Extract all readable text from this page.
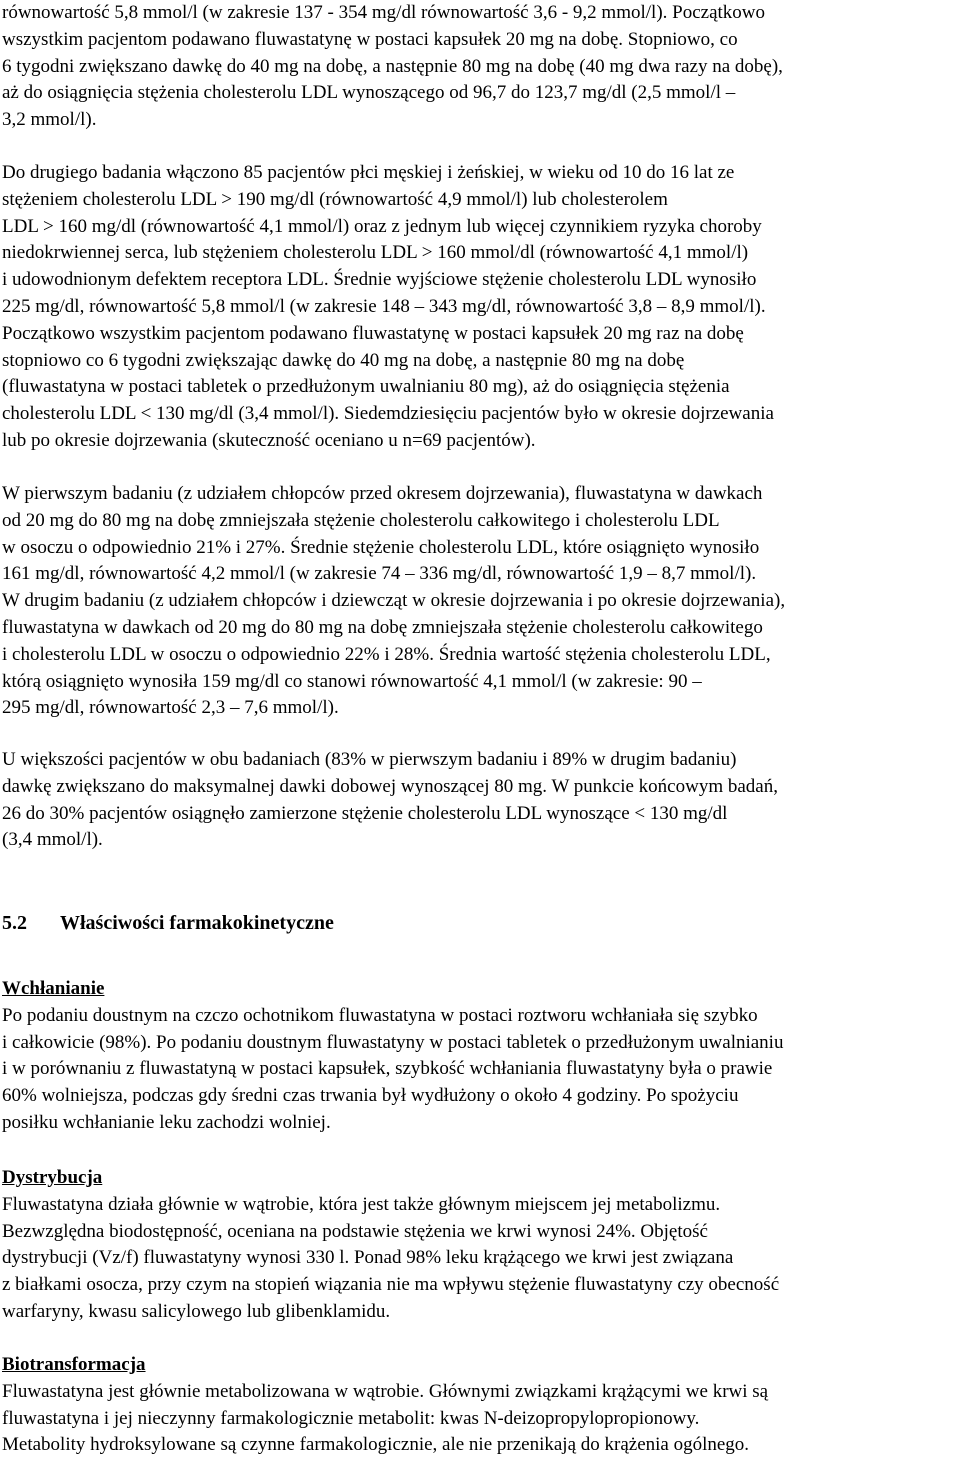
równowartość 5,8 mmol/l (w zakresie 137 - 354 mg/dl równowartość 3,6 - 9,2 mmol/l). Początkowo
wszystkim pacjentom podawano fluwastatynę w postaci kapsułek 20 mg na dobę. Stopniowo, co
6 tygodni zwiększano dawkę do 40 mg na dobę, a następnie 80 mg na dobę (40 mg dwa razy na dobę),
aż do osiągnięcia stężenia cholesterolu LDL wynoszącego od 96,7 do 123,7 mg/dl (2,5 mmol/l –
3,2 mmol/l).
Do drugiego badania włączono 85 pacjentów płci męskiej i żeńskiej, w wieku od 10 do 16 lat ze
stężeniem cholesterolu LDL > 190 mg/dl (równowartość 4,9 mmol/l) lub cholesterolem
LDL > 160 mg/dl (równowartość 4,1 mmol/l) oraz z jednym lub więcej czynnikiem ryzyka choroby
niedokrwiennej serca, lub stężeniem cholesterolu LDL > 160 mmol/dl (równowartość 4,1 mmol/l)
i udowodnionym defektem receptora LDL. Średnie wyjściowe stężenie cholesterolu LDL wynosiło
225 mg/dl, równowartość 5,8 mmol/l (w zakresie 148 – 343 mg/dl, równowartość 3,8 – 8,9 mmol/l).
Początkowo wszystkim pacjentom podawano fluwastatynę w postaci kapsułek 20 mg raz na dobę
stopniowo co 6 tygodni zwiększając dawkę do 40 mg na dobę, a następnie 80 mg na dobę
(fluwastatyna w postaci tabletek o przedłużonym uwalnianiu 80 mg), aż do osiągnięcia stężenia
cholesterolu LDL < 130 mg/dl (3,4 mmol/l). Siedemdziesięciu pacjentów było w okresie dojrzewania
lub po okresie dojrzewania (skuteczność oceniano u n=69 pacjentów).
W pierwszym badaniu (z udziałem chłopców przed okresem dojrzewania), fluwastatyna w dawkach
od 20 mg do 80 mg na dobę zmniejszała stężenie cholesterolu całkowitego i cholesterolu LDL
w osoczu o odpowiednio 21% i 27%. Średnie stężenie cholesterolu LDL, które osiągnięto wynosiło
161 mg/dl, równowartość 4,2 mmol/l (w zakresie 74 – 336 mg/dl, równowartość 1,9 – 8,7 mmol/l).
W drugim badaniu (z udziałem chłopców i dziewcząt w okresie dojrzewania i po okresie dojrzewania),
fluwastatyna w dawkach od 20 mg do 80 mg na dobę zmniejszała stężenie cholesterolu całkowitego
i cholesterolu LDL w osoczu o odpowiednio 22% i 28%. Średnia wartość stężenia cholesterolu LDL,
którą osiągnięto wynosiła 159 mg/dl co stanowi równowartość 4,1 mmol/l (w zakresie: 90 –
295 mg/dl, równowartość 2,3 – 7,6 mmol/l).
U większości pacjentów w obu badaniach (83% w pierwszym badaniu i 89% w drugim badaniu)
dawkę zwiększano do maksymalnej dawki dobowej wynoszącej 80 mg. W punkcie końcowym badań,
26 do 30% pacjentów osiągnęło zamierzone stężenie cholesterolu LDL wynoszące < 130 mg/dl
(3,4 mmol/l).
5.2 Właściwości farmakokinetyczne
Wchłanianie
Po podaniu doustnym na czczo ochotnikom fluwastatyna w postaci roztworu wchłaniała się szybko
i całkowicie (98%). Po podaniu doustnym fluwastatyny w postaci tabletek o przedłużonym uwalnianiu
i w porównaniu z fluwastatyną w postaci kapsułek, szybkość wchłaniania fluwastatyny była o prawie
60% wolniejsza, podczas gdy średni czas trwania był wydłużony o około 4 godziny. Po spożyciu
posiłku wchłanianie leku zachodzi wolniej.
Dystrybucja
Fluwastatyna działa głównie w wątrobie, która jest także głównym miejscem jej metabolizmu.
Bezwzględna biodostępność, oceniana na podstawie stężenia we krwi wynosi 24%. Objętość
dystrybucji (Vz/f) fluwastatyny wynosi 330 l. Ponad 98% leku krążącego we krwi jest związana
z białkami osocza, przy czym na stopień wiązania nie ma wpływu stężenie fluwastatyny czy obecność
warfaryny, kwasu salicylowego lub glibenklamidu.
Biotransformacja
Fluwastatyna jest głównie metabolizowana w wątrobie. Głównymi związkami krążącymi we krwi są
fluwastatyna i jej nieczynny farmakologicznie metabolit: kwas N-deizopropylopropionowy.
Metabolity hydroksylowane są czynne farmakologicznie, ale nie przenikają do krążenia ogólnego.
